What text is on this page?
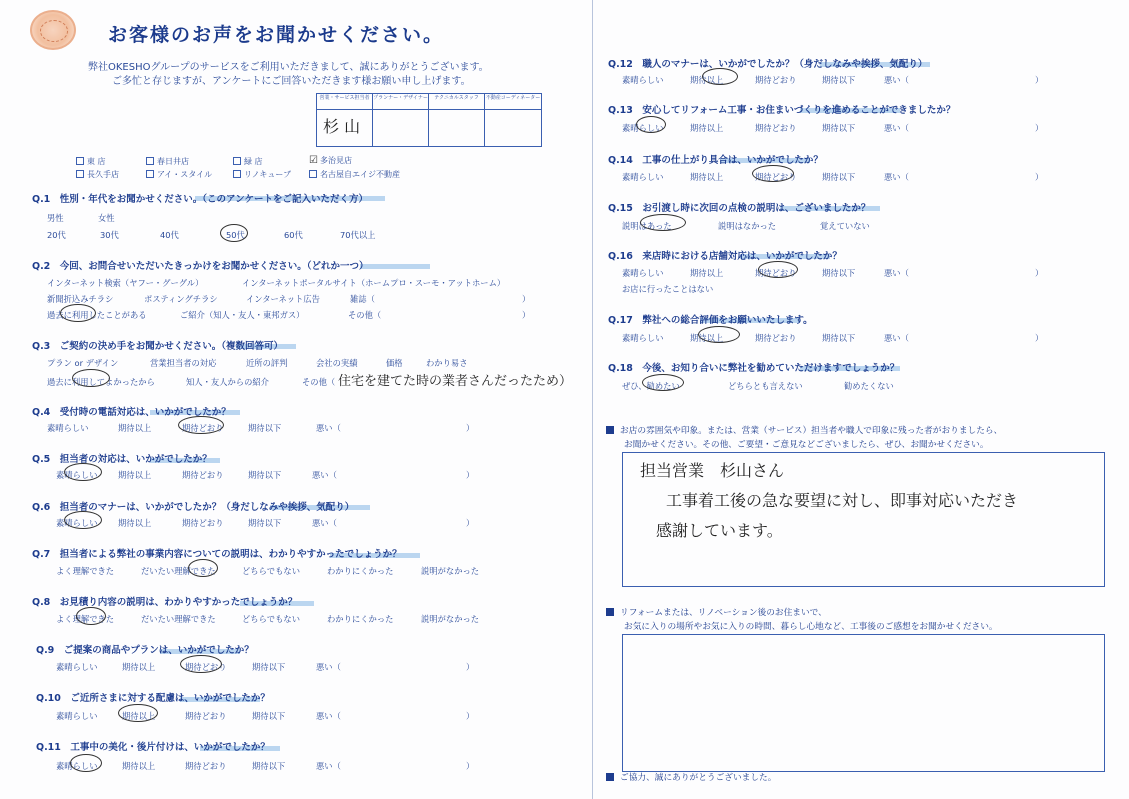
お客様のお声をお聞かせください。
弊社OKESHOグループのサービスをご利用いただきまして、誠にありがとうございます。
ご多忙と存じますが、アンケートにご回答いただきます様お願い申し上げます。
営業・サービス担当者 プランナー・デザイナー	テクニカルスタッフ	不動産コーディネーター
杉 山
東 店	春日井店	緑 店	☑ 多治見店
長久手店	アイ・スタイル	リノキューブ	名古屋自エイジ不動産
Q.1　性別・年代をお聞かせください。（このアンケートをご記入いただく方）
男性	女性
20代	30代	40代	50代	60代	70代以上
Q.2　今回、お問合せいただいたきっかけをお聞かせください。（どれか一つ）
インターネット検索（ヤフー・グーグル）	インターネットポータルサイト（ホームプロ・スーモ・アットホーム）
新聞折込みチラシ	ポスティングチラシ	インターネット広告	雑誌（	）
過去に利用したことがある	ご紹介（知人・友人・東邦ガス）	その他（	）
Q.3　ご契約の決め手をお聞かせください。（複数回答可）
プラン or デザイン	営業担当者の対応	近所の評判	会社の実績	価格	わかり易さ
過去に利用してよかったから	知人・友人からの紹介	その他（ 住宅を建てた時の業者さんだったため）
Q.4　受付時の電話対応は、いかがでしたか？
素晴らしい	期待以上	期待どおり	期待以下	悪い（	）
Q.5　担当者の対応は、いかがでしたか？
素晴らしい 期待以上	期待どおり	期待以下	悪い（	）
Q.6　担当者のマナーは、いかがでしたか？（身だしなみや挨拶、気配り）
素晴らしい 期待以上	期待どおり	期待以下	悪い（	）
Q.7　担当者による弊社の事業内容についての説明は、わかりやすかったでしょうか？
よく理解できた	だいたい理解できた	どちらでもない	わかりにくかった	説明がなかった
Q.8　お見積り内容の説明は、わかりやすかったでしょうか？
よく理解できた	だいたい理解できた	どちらでもない	わかりにくかった	説明がなかった
Q.9　ご提案の商品やプランは、いかがでしたか？
素晴らしい	期待以上	期待どおり	期待以下	悪い（	）
Q.10　ご近所さまに対する配慮は、いかがでしたか？
素晴らしい	期待以上	期待どおり	期待以下	悪い（	）
Q.11　工事中の美化・後片付けは、いかがでしたか？
素晴らしい	期待以上	期待どおり	期待以下	悪い（	）
Q.12　職人のマナーは、いかがでしたか？（身だしなみや挨拶、気配り）
素晴らしい	期待以上	期待どおり	期待以下	悪い（	）
Q.13　安心してリフォーム工事・お住まいづくりを進めることができましたか？
素晴らしい	期待以上	期待どおり	期待以下	悪い（	）
Q.14　工事の仕上がり具合は、いかがでしたか？
素晴らしい	期待以上	期待どおり	期待以下	悪い（	）
Q.15　お引渡し時に次回の点検の説明は、ございましたか？
説明はあった	説明はなかった	覚えていない
Q.16　来店時における店舗対応は、いかがでしたか？
素晴らしい	期待以上	期待どおり	期待以下	悪い（	）
お店に行ったことはない
Q.17　弊社への総合評価をお願いいたします。
素晴らしい	期待以上	期待どおり	期待以下	悪い（	）
Q.18　今後、お知り合いに弊社を勧めていただけますでしょうか？
ぜひ、勧めたい	どちらとも言えない	勧めたくない
お店の雰囲気や印象。または、営業（サービス）担当者や職人で印象に残った者がおりましたら、
お聞かせください。その他、ご要望・ご意見などございましたら、ぜひ、お聞かせください。
担当営業　杉山さん
工事着工後の急な要望に対し、即事対応いただき
感謝しています。
リフォームまたは、リノベーション後のお住まいで、
お気に入りの場所やお気に入りの時間、暮らし心地など、工事後のご感想をお聞かせください。
ご協力、誠にありがとうございました。
